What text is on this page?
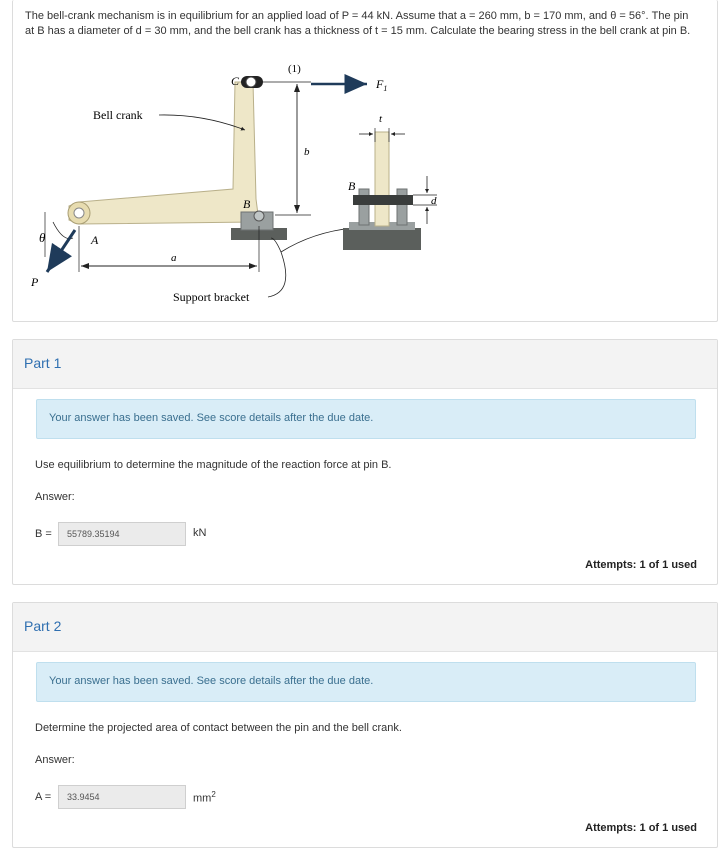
The bell-crank mechanism is in equilibrium for an applied load of P = 44 kN. Assume that a = 260 mm, b = 170 mm, and θ = 56°. The pin
at B has a diameter of d = 30 mm, and the bell crank has a thickness of t = 15 mm. Calculate the bearing stress in the bell crank at pin B.

$F_1$
(1)
C
b
Bell crank
B
A
θ
P
a
Support bracket
B
t
d
Part 1
Your answer has been saved. See score details after the due date.
Use equilibrium to determine the magnitude of the reaction force at pin B.
Answer:
B =
55789.35194	kN
Attempts: 1 of 1 used
Part 2
Your answer has been saved. See score details after the due date.
Determine the projected area of contact between the pin and the bell crank.
Answer:
A =
33.9454	$mm^2$
Attempts: 1 of 1 used
